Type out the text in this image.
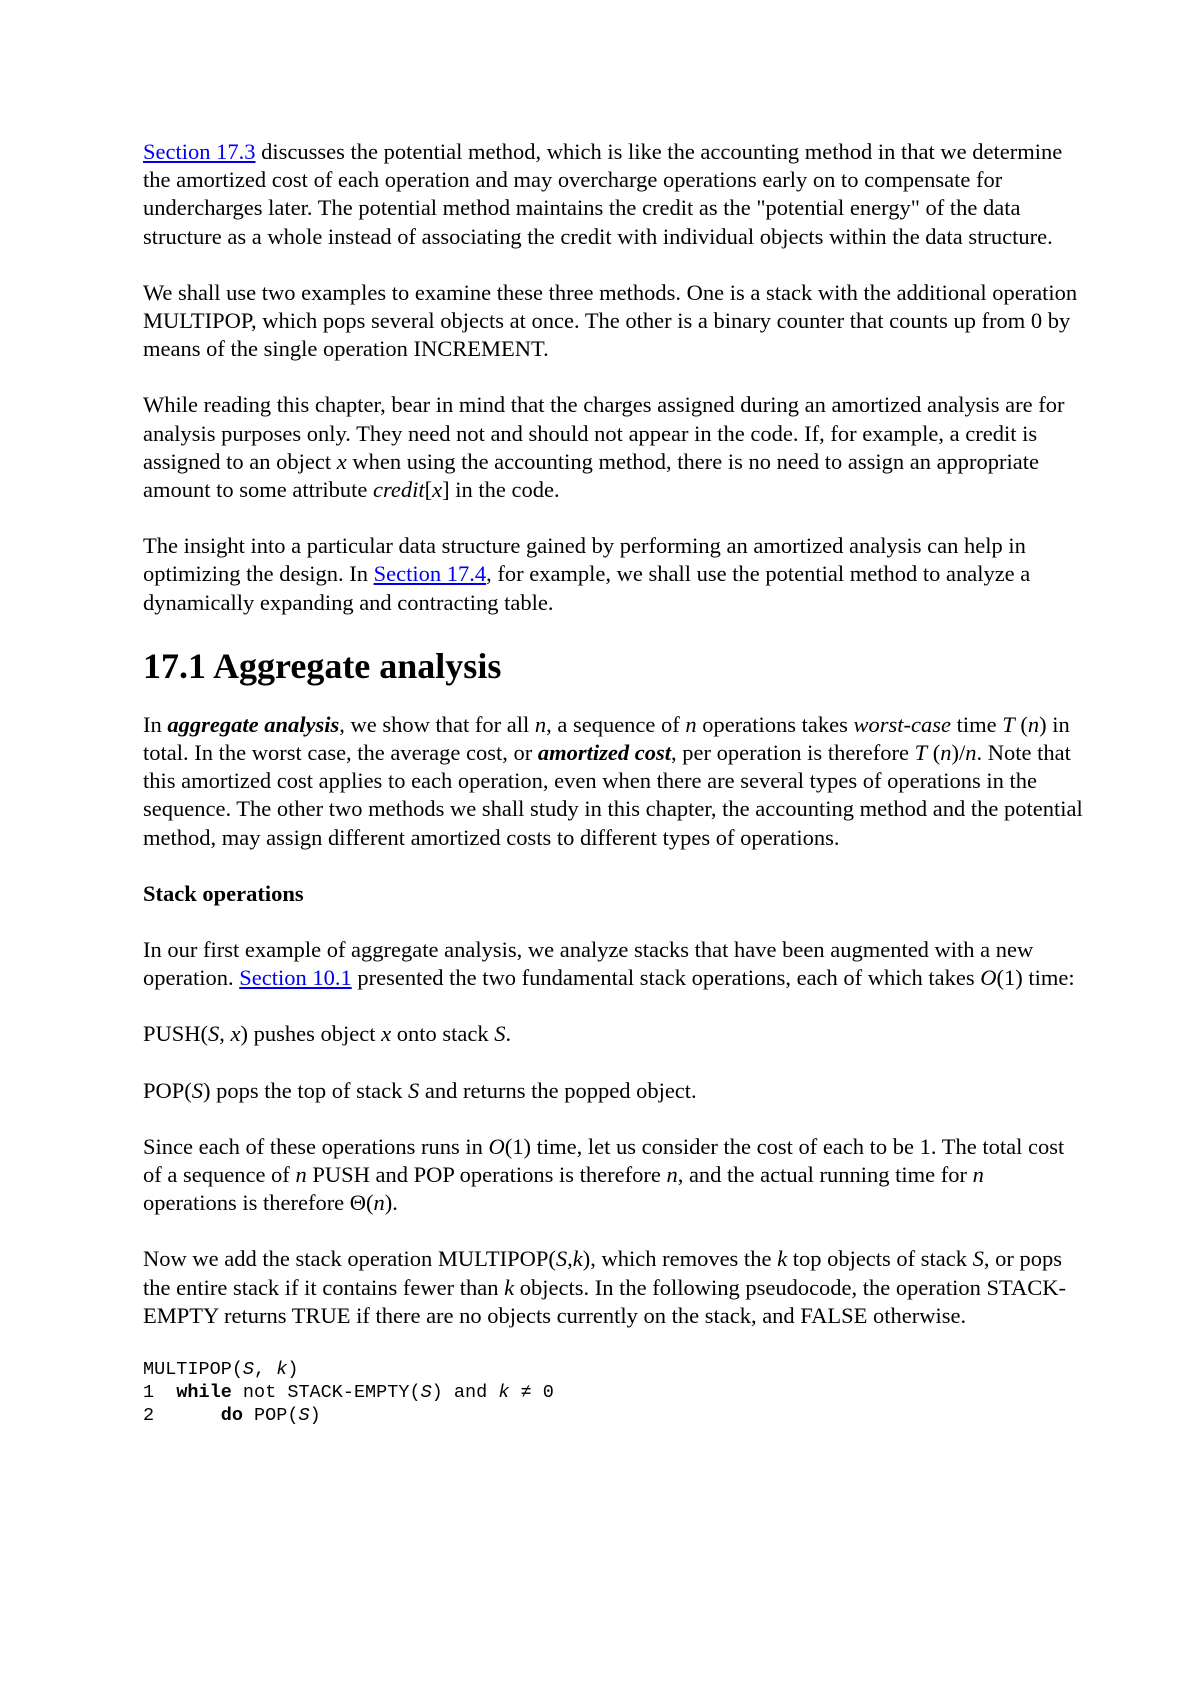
Section 17.3 discusses the potential method, which is like the accounting method in that we determine the amortized cost of each operation and may overcharge operations early on to compensate for undercharges later. The potential method maintains the credit as the "potential energy" of the data structure as a whole instead of associating the credit with individual objects within the data structure.

We shall use two examples to examine these three methods. One is a stack with the additional operation MULTIPOP, which pops several objects at once. The other is a binary counter that counts up from 0 by means of the single operation INCREMENT.

While reading this chapter, bear in mind that the charges assigned during an amortized analysis are for analysis purposes only. They need not and should not appear in the code. If, for example, a credit is assigned to an object x when using the accounting method, there is no need to assign an appropriate amount to some attribute credit[x] in the code.

The insight into a particular data structure gained by performing an amortized analysis can help in optimizing the design. In Section 17.4, for example, we shall use the potential method to analyze a dynamically expanding and contracting table.

17.1 Aggregate analysis

In aggregate analysis, we show that for all n, a sequence of n operations takes worst-case time T (n) in total. In the worst case, the average cost, or amortized cost, per operation is therefore T (n)/n. Note that this amortized cost applies to each operation, even when there are several types of operations in the sequence. The other two methods we shall study in this chapter, the accounting method and the potential method, may assign different amortized costs to different types of operations.

Stack operations

In our first example of aggregate analysis, we analyze stacks that have been augmented with a new operation. Section 10.1 presented the two fundamental stack operations, each of which takes O(1) time:

PUSH(S, x) pushes object x onto stack S.

POP(S) pops the top of stack S and returns the popped object.

Since each of these operations runs in O(1) time, let us consider the cost of each to be 1. The total cost of a sequence of n PUSH and POP operations is therefore n, and the actual running time for n operations is therefore Θ(n).

Now we add the stack operation MULTIPOP(S,k), which removes the k top objects of stack S, or pops the entire stack if it contains fewer than k objects. In the following pseudocode, the operation STACK-EMPTY returns TRUE if there are no objects currently on the stack, and FALSE otherwise.

MULTIPOP(S, k)
1  while not STACK-EMPTY(S) and k ≠ 0
2      do POP(S)
